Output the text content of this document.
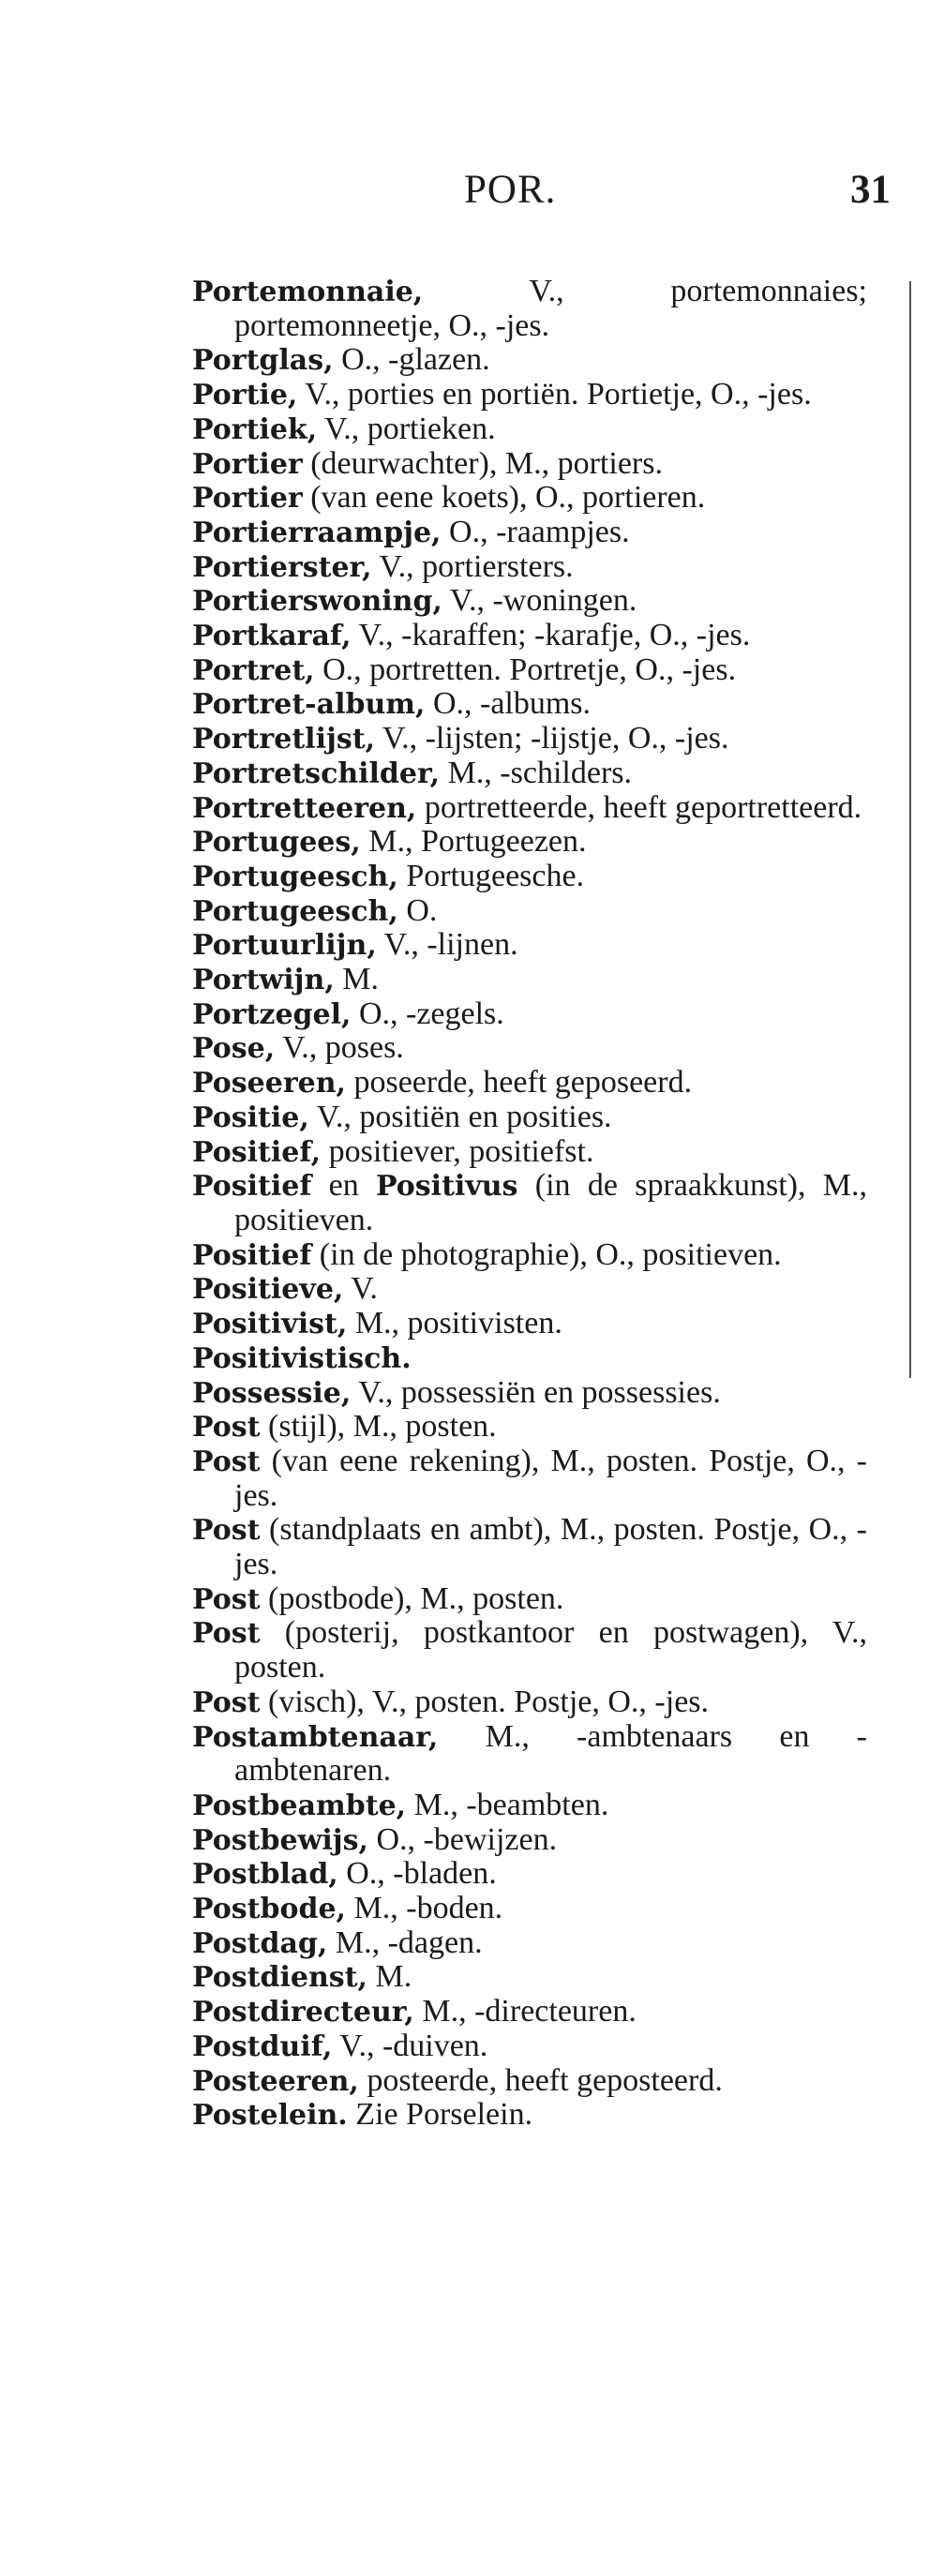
POR.	31
Portemonnaie, V., portemonnaies; portemonneetje, O., -jes.
Portglas, O., -glazen.
Portie, V., porties en portiën. Portietje, O., -jes.
Portiek, V., portieken.
Portier (deurwachter), M., portiers.
Portier (van eene koets), O., portieren.
Portierraampje, O., -raampjes.
Portierster, V., portiersters.
Portierswoning, V., -woningen.
Portkaraf, V., -karaffen; -karafje, O., -jes.
Portret, O., portretten. Portretje, O., -jes.
Portret-album, O., -albums.
Portretlijst, V., -lijsten; -lijstje, O., -jes.
Portretschilder, M., -schilders.
Portretteeren, portretteerde, heeft geportretteerd.
Portugees, M., Portugeezen.
Portugeesch, Portugeesche.
Portugeesch, O.
Portuurlijn, V., -lijnen.
Portwijn, M.
Portzegel, O., -zegels.
Pose, V., poses.
Poseeren, poseerde, heeft geposeerd.
Positie, V., positiën en posities.
Positief, positiever, positiefst.
Positief en Positivus (in de spraakkunst), M., positieven.
Positief (in de photographie), O., positieven.
Positieve, V.
Positivist, M., positivisten.
Positivistisch.
Possessie, V., possessiën en possessies.
Post (stijl), M., posten.
Post (van eene rekening), M., posten. Postje, O., -jes.
Post (standplaats en ambt), M., posten. Postje, O., -jes.
Post (postbode), M., posten.
Post (posterij, postkantoor en postwagen), V., posten.
Post (visch), V., posten. Postje, O., -jes.
Postambtenaar, M., -ambtenaars en -ambtenaren.
Postbeambte, M., -beambten.
Postbewijs, O., -bewijzen.
Postblad, O., -bladen.
Postbode, M., -boden.
Postdag, M., -dagen.
Postdienst, M.
Postdirecteur, M., -directeuren.
Postduif, V., -duiven.
Posteeren, posteerde, heeft geposteerd.
Postelein. Zie Porselein.
